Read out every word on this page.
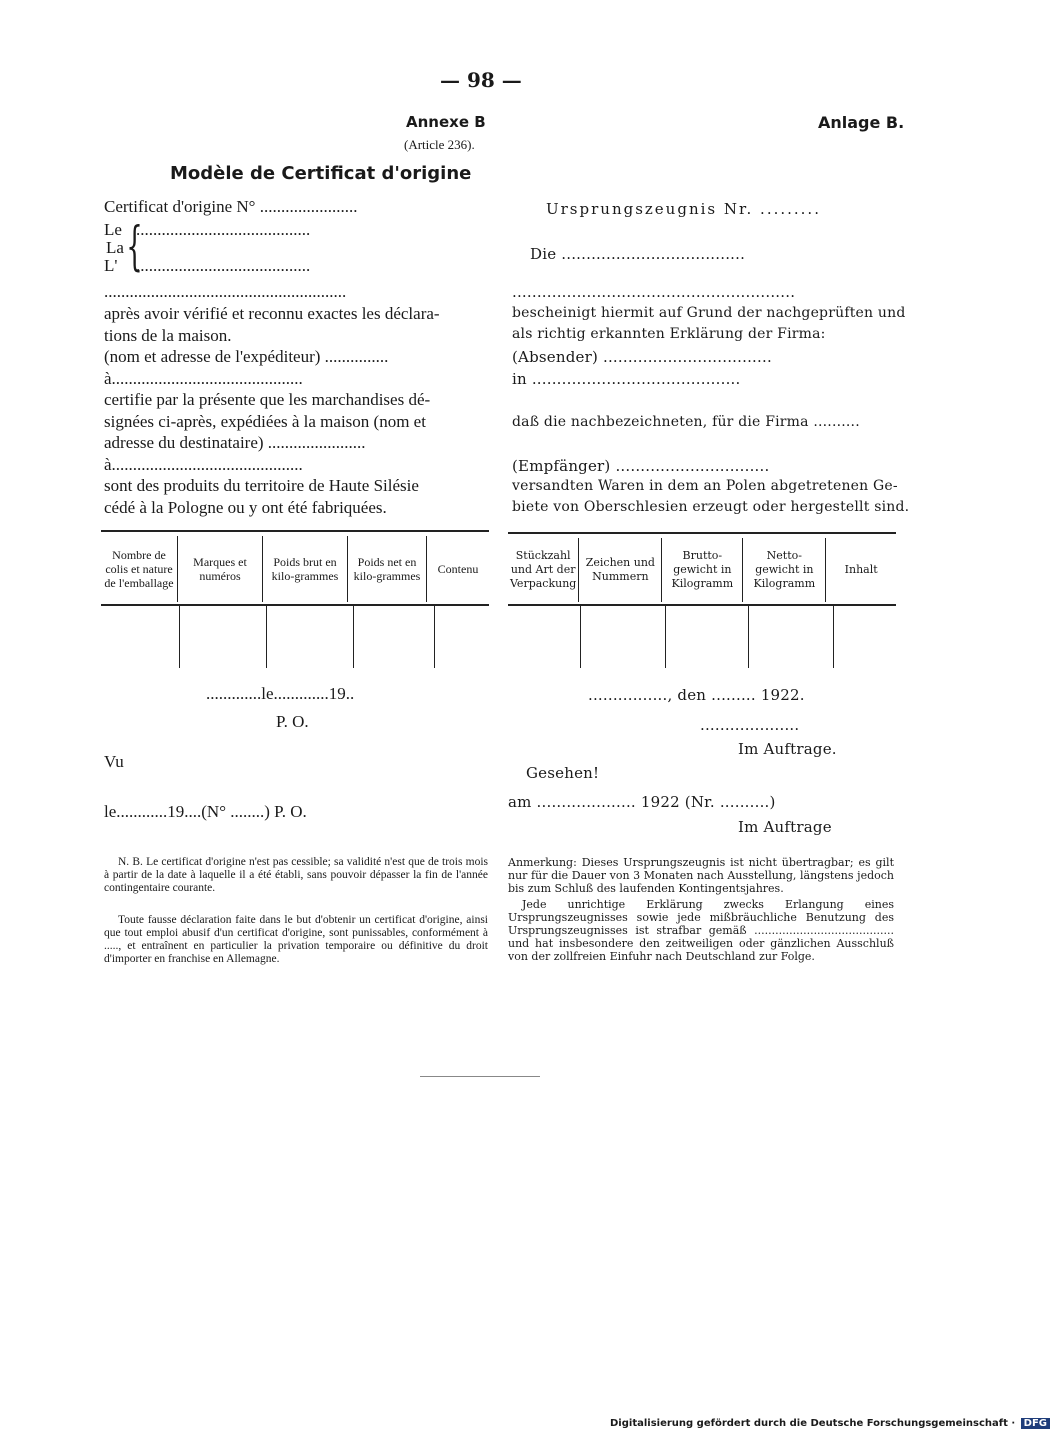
— 98 —
Annexe B
(Article 236).
Modèle de Certificat d'origine
Certificat d'origine N° .......................
Le
La
L' {
.........................................
.........................................
.........................................................
après avoir vérifié et reconnu exactes les déclara-
tions de la maison.
(nom et adresse de l'expéditeur) ...............
à.............................................
certifie par la présente que les marchandises dé-
signées ci-après, expédiées à la maison (nom et
adresse du destinataire) .......................
à.............................................
sont des produits du territoire de Haute Silésie
cédé à la Pologne ou y ont été fabriquées.
Nombre de colis et nature de l'emballage	Marques et numéros	Poids brut en kilo-grammes	Poids net en kilo-grammes	Contenu

.............le.............19..
P. O.
Vu
le............19....(N° ........) P. O.
N. B. Le certificat d'origine n'est pas cessible; sa validité n'est que de trois mois à partir de la date à laquelle il a été établi, sans pouvoir dépasser la fin de l'année contingentaire courante.
Toute fausse déclaration faite dans le but d'obtenir un certificat d'origine, ainsi que tout emploi abusif d'un certificat d'origine, sont punissables, conformément à ....., et entraînent en particulier la privation temporaire ou définitive du droit d'importer en franchise en Allemagne.
Anlage B.
Ursprungszeugnis Nr. .........
Die .....................................
.........................................................
bescheinigt hiermit auf Grund der nachgeprüften und
als richtig erkannten Erklärung der Firma:
(Absender) ..................................
in ..........................................
daß die nachbezeichneten, für die Firma ..........
(Empfänger) ...............................
versandten Waren in dem an Polen abgetretenen Ge-
biete von Oberschlesien erzeugt oder hergestellt sind.
Stückzahl und Art der Verpackung	Zeichen und Nummern	Brutto-gewicht in Kilogramm	Netto-gewicht in Kilogramm	Inhalt

................, den ......... 1922.
....................
Im Auftrage.
Gesehen!
am .................... 1922 (Nr. ..........)
Im Auftrage
Anmerkung: Dieses Ursprungszeugnis ist nicht übertragbar; es gilt nur für die Dauer von 3 Monaten nach Ausstellung, längstens jedoch bis zum Schluß des laufenden Kontingentsjahres.
Jede unrichtige Erklärung zwecks Erlangung eines Ursprungszeugnisses sowie jede mißbräuchliche Benutzung des Ursprungszeugnisses ist strafbar gemäß ........................................ und hat insbesondere den zeitweiligen oder gänzlichen Ausschluß von der zollfreien Einfuhr nach Deutschland zur Folge.
Digitalisierung gefördert durch die Deutsche Forschungsgemeinschaft · DFG
